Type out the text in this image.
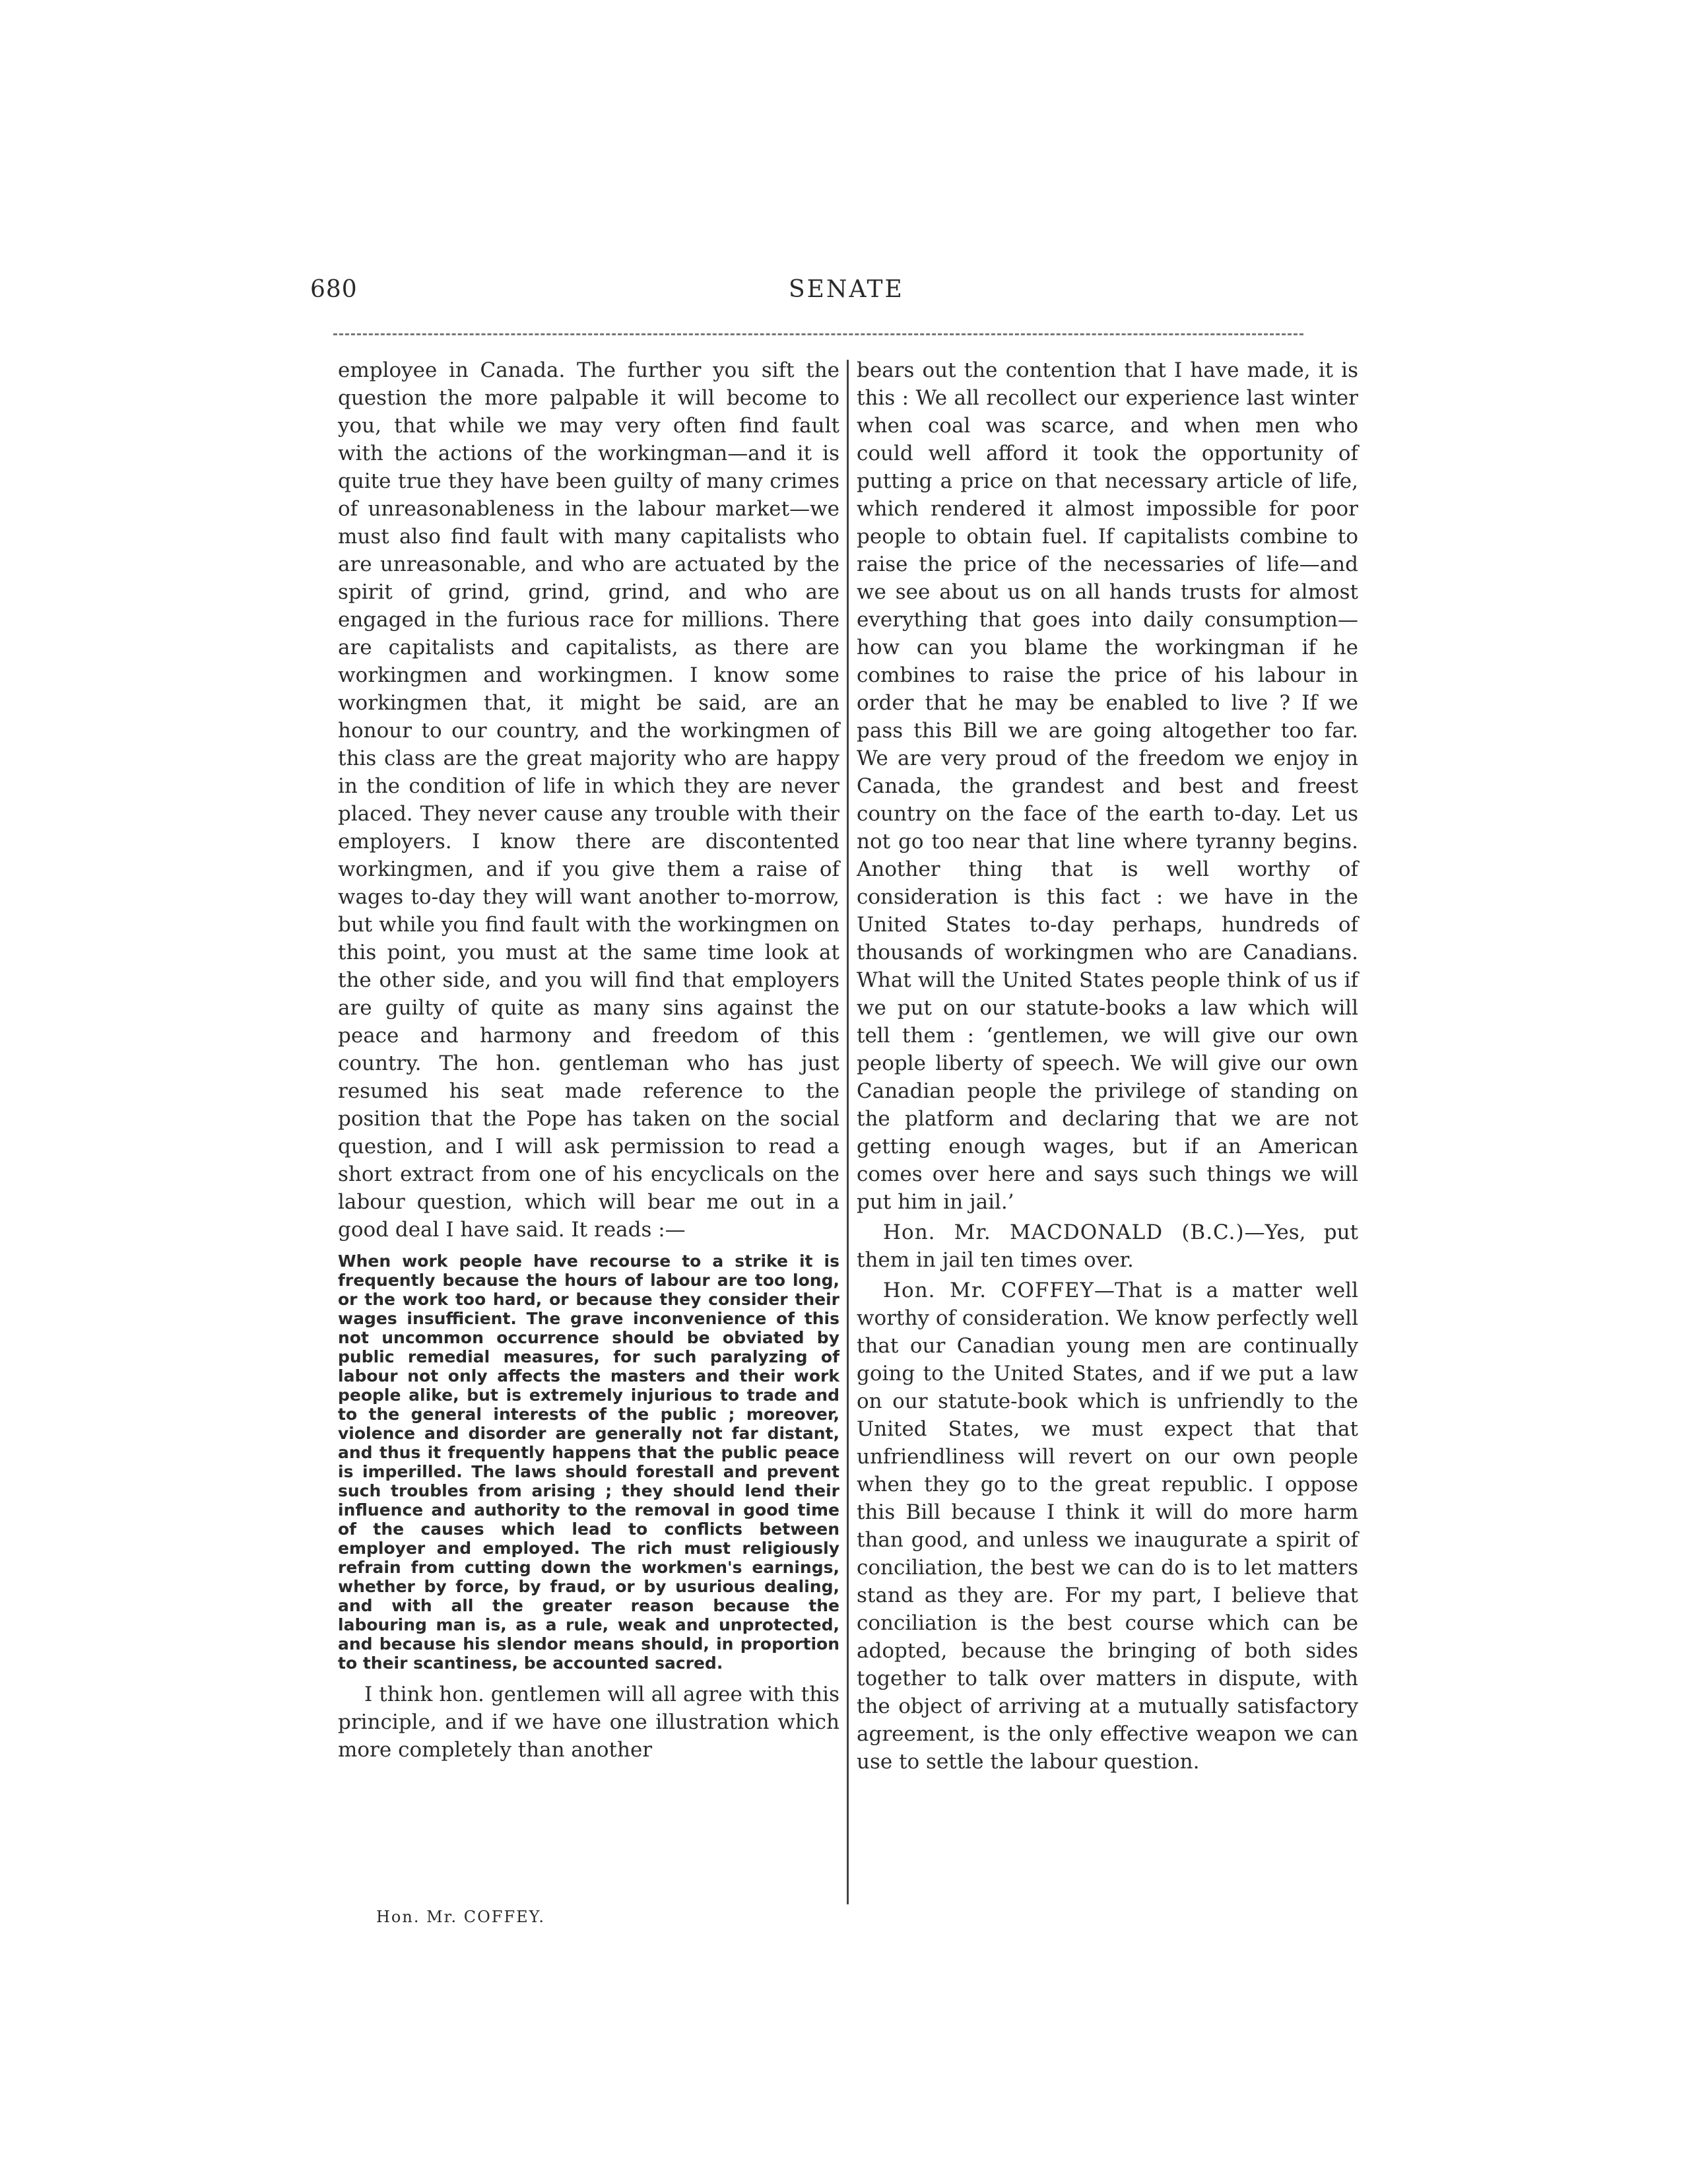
680	SENATE

employee in Canada. The further you sift the question the more palpable it will become to you, that while we may very often find fault with the actions of the workingman—and it is quite true they have been guilty of many crimes of unreasonableness in the labour market—we must also find fault with many capitalists who are unreasonable, and who are actuated by the spirit of grind, grind, grind, and who are engaged in the furious race for millions. There are capitalists and capitalists, as there are workingmen and workingmen. I know some workingmen that, it might be said, are an honour to our country, and the workingmen of this class are the great majority who are happy in the condition of life in which they are never placed. They never cause any trouble with their employers. I know there are discontented workingmen, and if you give them a raise of wages to-day they will want another to-morrow, but while you find fault with the workingmen on this point, you must at the same time look at the other side, and you will find that employers are guilty of quite as many sins against the peace and harmony and freedom of this country. The hon. gentleman who has just resumed his seat made reference to the position that the Pope has taken on the social question, and I will ask permission to read a short extract from one of his encyclicals on the labour question, which will bear me out in a good deal I have said. It reads :—

When work people have recourse to a strike it is frequently because the hours of labour are too long, or the work too hard, or because they consider their wages insufficient. The grave inconvenience of this not uncommon occurrence should be obviated by public remedial measures, for such paralyzing of labour not only affects the masters and their work people alike, but is extremely injurious to trade and to the general interests of the public ; moreover, violence and disorder are generally not far distant, and thus it frequently happens that the public peace is imperilled. The laws should forestall and prevent such troubles from arising ; they should lend their influence and authority to the removal in good time of the causes which lead to conflicts between employer and employed. The rich must religiously refrain from cutting down the workmen's earnings, whether by force, by fraud, or by usurious dealing, and with all the greater reason because the labouring man is, as a rule, weak and unprotected, and because his slendor means should, in proportion to their scantiness, be accounted sacred.

I think hon. gentlemen will all agree with this principle, and if we have one illustration which more completely than another

bears out the contention that I have made, it is this : We all recollect our experience last winter when coal was scarce, and when men who could well afford it took the opportunity of putting a price on that necessary article of life, which rendered it almost impossible for poor people to obtain fuel. If capitalists combine to raise the price of the necessaries of life—and we see about us on all hands trusts for almost everything that goes into daily consumption—how can you blame the workingman if he combines to raise the price of his labour in order that he may be enabled to live ? If we pass this Bill we are going altogether too far. We are very proud of the freedom we enjoy in Canada, the grandest and best and freest country on the face of the earth to-day. Let us not go too near that line where tyranny begins. Another thing that is well worthy of consideration is this fact : we have in the United States to-day perhaps, hundreds of thousands of workingmen who are Canadians. What will the United States people think of us if we put on our statute-books a law which will tell them : ‘gentlemen, we will give our own people liberty of speech. We will give our own Canadian people the privilege of standing on the platform and declaring that we are not getting enough wages, but if an American comes over here and says such things we will put him in jail.’

Hon. Mr. MACDONALD (B.C.)—Yes, put them in jail ten times over.

Hon. Mr. COFFEY—That is a matter well worthy of consideration. We know perfectly well that our Canadian young men are continually going to the United States, and if we put a law on our statute-book which is unfriendly to the United States, we must expect that that unfriendliness will revert on our own people when they go to the great republic. I oppose this Bill because I think it will do more harm than good, and unless we inaugurate a spirit of conciliation, the best we can do is to let matters stand as they are. For my part, I believe that conciliation is the best course which can be adopted, because the bringing of both sides together to talk over matters in dispute, with the object of arriving at a mutually satisfactory agreement, is the only effective weapon we can use to settle the labour question.

Hon. Mr. COFFEY.
